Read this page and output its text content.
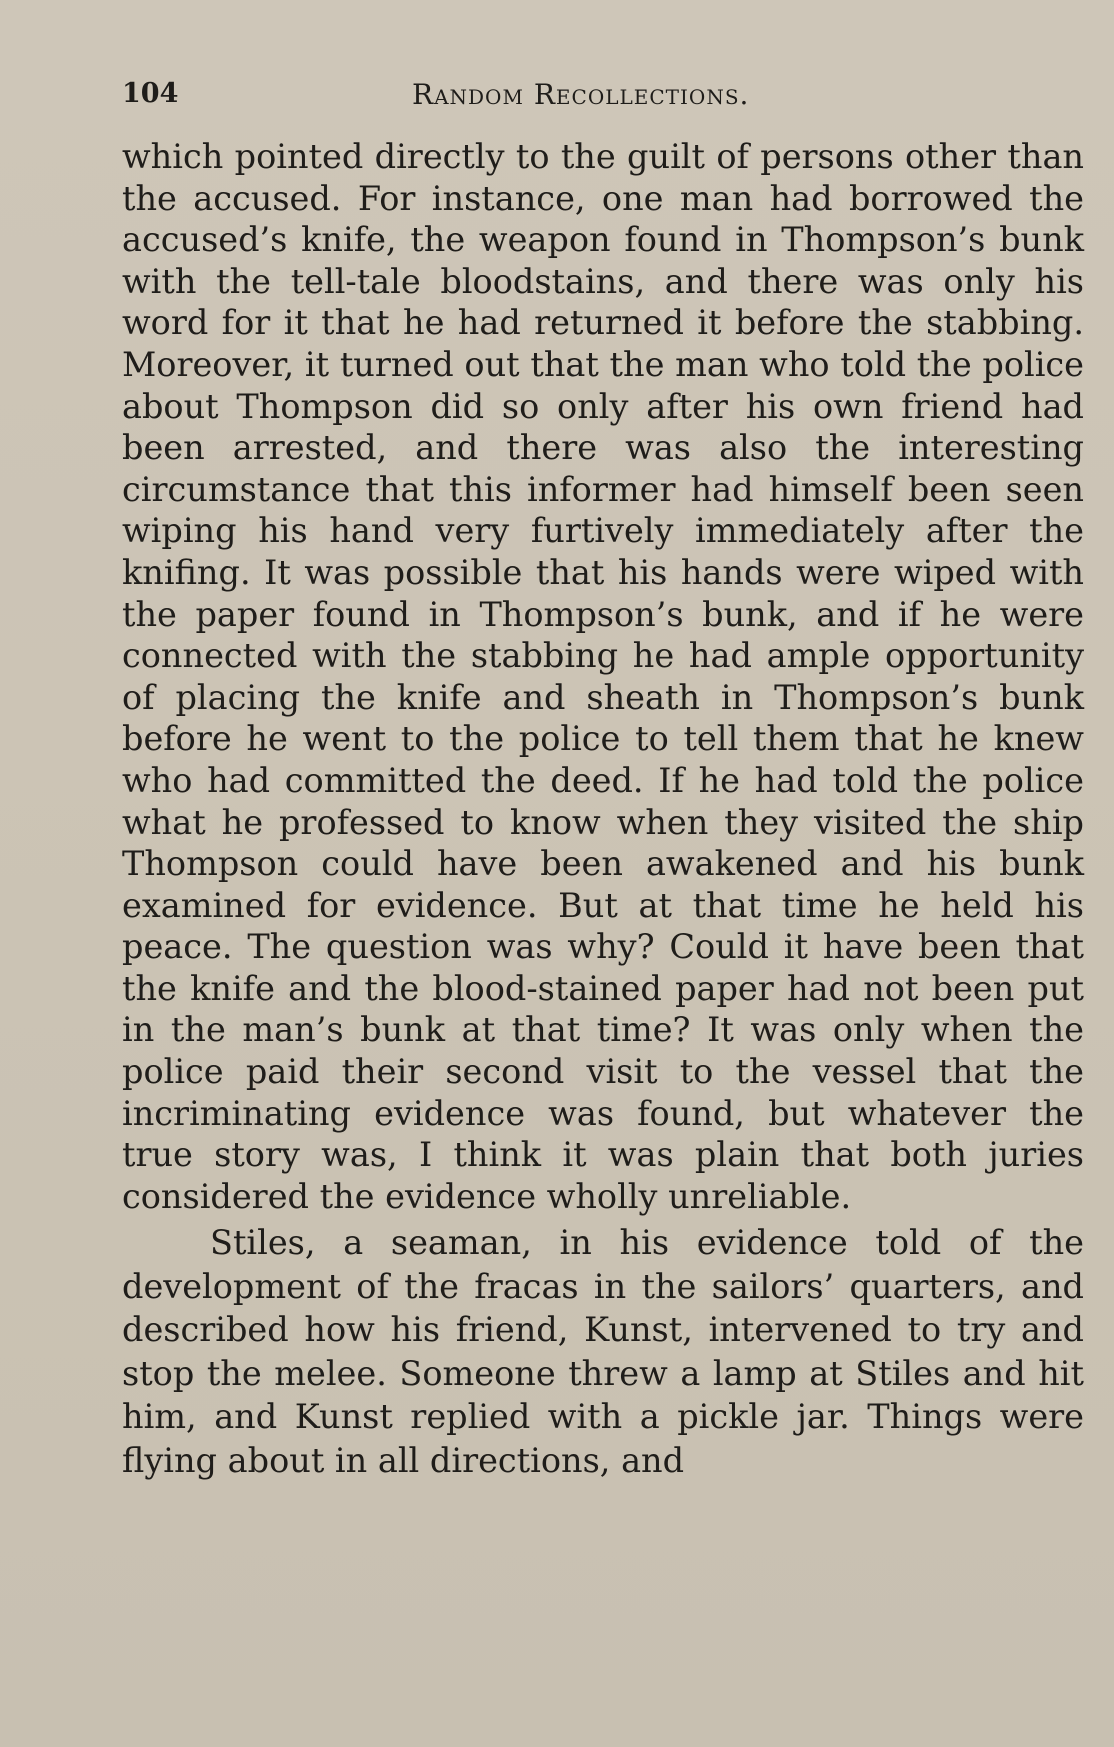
104	Random Recollections.

which pointed directly to the guilt of persons other than the accused. For instance, one man had borrowed the accused’s knife, the weapon found in Thompson’s bunk with the tell-tale bloodstains, and there was only his word for it that he had returned it before the stabbing. Moreover, it turned out that the man who told the police about Thompson did so only after his own friend had been arrested, and there was also the interesting circumstance that this informer had himself been seen wiping his hand very furtively immediately after the knifing. It was possible that his hands were wiped with the paper found in Thompson’s bunk, and if he were connected with the stabbing he had ample opportunity of placing the knife and sheath in Thompson’s bunk before he went to the police to tell them that he knew who had committed the deed. If he had told the police what he professed to know when they visited the ship Thompson could have been awakened and his bunk examined for evidence. But at that time he held his peace. The question was why? Could it have been that the knife and the blood-stained paper had not been put in the man’s bunk at that time? It was only when the police paid their second visit to the vessel that the incriminating evidence was found, but whatever the true story was, I think it was plain that both juries considered the evidence wholly unreliable.

Stiles, a seaman, in his evidence told of the development of the fracas in the sailors’ quarters, and described how his friend, Kunst, intervened to try and stop the melee. Someone threw a lamp at Stiles and hit him, and Kunst replied with a pickle jar. Things were flying about in all directions, and
